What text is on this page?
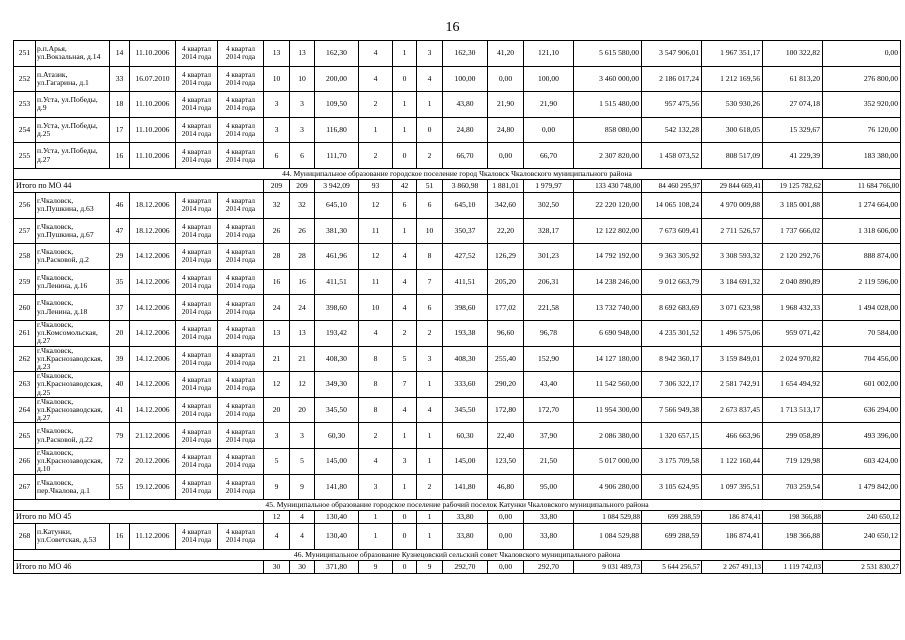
16
251	р.п.Арья, ул.Вокзальная, д.14	14	11.10.2006	4 квартал 2014 года	4 квартал 2014 года	13	13	162,30	4	1	3	162,30	41,20	121,10	5 615 580,00	3 547 906,01	1 967 351,17	100 322,82	0,00
252	п.Атазик, ул.Гагарина, д.1	33	16.07.2010	4 квартал 2014 года	4 квартал 2014 года	10	10	200,00	4	0	4	100,00	0,00	100,00	3 460 000,00	2 186 017,24	1 212 169,56	61 813,20	276 800,00
253	п.Уста, ул.Победы, д.9	18	11.10.2006	4 квартал 2014 года	4 квартал 2014 года	3	3	109,50	2	1	1	43,80	21,90	21,90	1 515 480,00	957 475,56	530 930,26	27 074,18	352 920,00
254	п.Уста, ул.Победы, д.25	17	11.10.2006	4 квартал 2014 года	4 квартал 2014 года	3	3	116,80	1	1	0	24,80	24,80	0,00	858 080,00	542 132,28	300 618,05	15 329,67	76 120,00
255	п.Уста, ул.Победы, д.27	16	11.10.2006	4 квартал 2014 года	4 квартал 2014 года	6	6	111,70	2	0	2	66,70	0,00	66,70	2 307 820,00	1 458 073,52	808 517,09	41 229,39	183 380,00
44. Муниципальное образование городское поселение город Чкаловск Чкаловского муниципального района																			
Итого по МО 44						209	209	3 942,09	93	42	51	3 860,98	1 881,01	1 979,97	133 430 748,00	84 460 295,97	29 844 669,41	19 125 782,62	11 684 766,00
256	г.Чкаловск, ул.Пушкина, д.63	46	18.12.2006	4 квартал 2014 года	4 квартал 2014 года	32	32	645,10	12	6	6	645,10	342,60	302,50	22 220 120,00	14 065 108,24	4 970 009,88	3 185 001,88	1 274 664,00
257	г.Чкаловск, ул.Пушкина, д.67	47	18.12.2006	4 квартал 2014 года	4 квартал 2014 года	26	26	381,30	11	1	10	350,37	22,20	328,17	12 122 802,00	7 673 609,41	2 711 526,57	1 737 666,02	1 318 606,00
258	г.Чкаловск, ул.Расковой, д.2	29	14.12.2006	4 квартал 2014 года	4 квартал 2014 года	28	28	461,96	12	4	8	427,52	126,29	301,23	14 792 192,00	9 363 305,92	3 308 593,32	2 120 292,76	888 874,00
259	г.Чкаловск, ул.Ленина, д.16	35	14.12.2006	4 квартал 2014 года	4 квартал 2014 года	16	16	411,51	11	4	7	411,51	205,20	206,31	14 238 246,00	9 012 663,79	3 184 691,32	2 040 890,89	2 119 596,00
260	г.Чкаловск, ул.Ленина, д.18	37	14.12.2006	4 квартал 2014 года	4 квартал 2014 года	24	24	398,60	10	4	6	398,60	177,02	221,58	13 732 740,00	8 692 683,69	3 071 623,98	1 968 432,33	1 494 028,00
261	г.Чкаловск, ул.Комсомольская, д.27	20	14.12.2006	4 квартал 2014 года	4 квартал 2014 года	13	13	193,42	4	2	2	193,38	96,60	96,78	6 690 948,00	4 235 301,52	1 496 575,06	959 071,42	70 584,00
262	г.Чкаловск, ул.Краснозаводская, д.23	39	14.12.2006	4 квартал 2014 года	4 квартал 2014 года	21	21	408,30	8	5	3	408,30	255,40	152,90	14 127 180,00	8 942 360,17	3 159 849,01	2 024 970,82	704 456,00
263	г.Чкаловск, ул.Краснозаводская, д.25	40	14.12.2006	4 квартал 2014 года	4 квартал 2014 года	12	12	349,30	8	7	1	333,60	290,20	43,40	11 542 560,00	7 306 322,17	2 581 742,91	1 654 494,92	601 002,00
264	г.Чкаловск, ул.Краснозаводская, д.27	41	14.12.2006	4 квартал 2014 года	4 квартал 2014 года	20	20	345,50	8	4	4	345,50	172,80	172,70	11 954 300,00	7 566 949,38	2 673 837,45	1 713 513,17	636 294,00
265	г.Чкаловск, ул.Расковой, д.22	79	21.12.2006	4 квартал 2014 года	4 квартал 2014 года	3	3	60,30	2	1	1	60,30	22,40	37,90	2 086 380,00	1 320 657,15	466 663,96	299 058,89	493 396,00
266	г.Чкаловск, ул.Краснозаводская, д.10	72	20.12.2006	4 квартал 2014 года	4 квартал 2014 года	5	5	145,00	4	3	1	145,00	123,50	21,50	5 017 000,00	3 175 709,58	1 122 160,44	719 129,98	603 424,00
267	г.Чкаловск, пер.Чкалова, д.1	55	19.12.2006	4 квартал 2014 года	4 квартал 2014 года	9	9	141,80	3	1	2	141,80	46,80	95,00	4 906 280,00	3 105 624,95	1 097 395,51	703 259,54	1 479 842,00
45. Муниципальное образование городское поселение рабочий поселок Катунки Чкаловского муниципального района																			
Итого по МО 45						12	4	130,40	1	0	1	33,80	0,00	33,80	1 084 529,88	699 288,59	186 874,41	198 366,88	240 650,12
268	п.Катунки, ул.Советская, д.53	16	11.12.2006	4 квартал 2014 года	4 квартал 2014 года	4	4	130,40	1	0	1	33,80	0,00	33,80	1 084 529,88	699 288,59	186 874,41	198 366,88	240 650,12
46. Муниципальное образование Кузнецовский сельский совет Чкаловского муниципального района																			
Итого по МО 46						30	30	371,80	9	0	9	292,70	0,00	292,70	9 031 489,73	5 644 256,57	2 267 491,13	1 119 742,03	2 531 830,27
